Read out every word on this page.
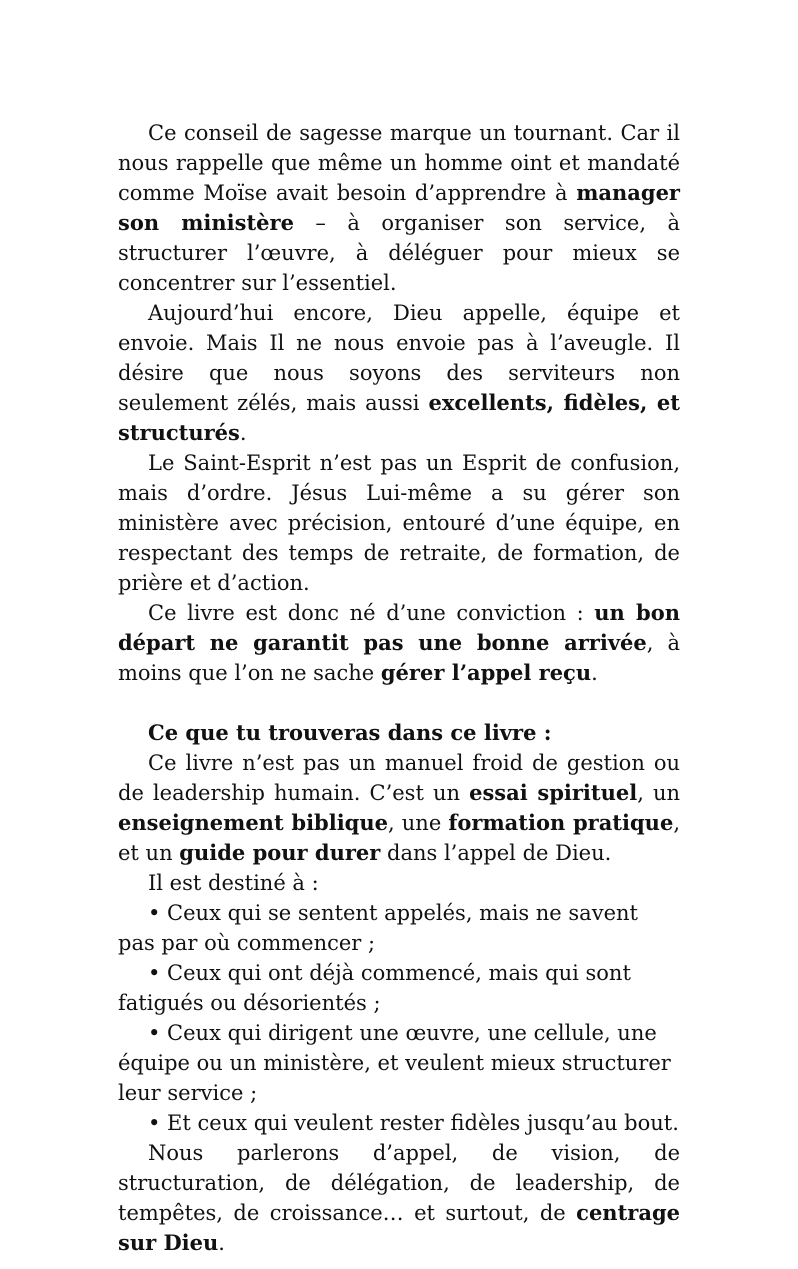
Ce conseil de sagesse marque un tournant. Car il nous rappelle que même un homme oint et mandaté comme Moïse avait besoin d’apprendre à manager son ministère – à organiser son service, à structurer l’œuvre, à déléguer pour mieux se concentrer sur l’essentiel.

Aujourd’hui encore, Dieu appelle, équipe et envoie. Mais Il ne nous envoie pas à l’aveugle. Il désire que nous soyons des serviteurs non seulement zélés, mais aussi excellents, fidèles, et structurés.

Le Saint-Esprit n’est pas un Esprit de confusion, mais d’ordre. Jésus Lui-même a su gérer son ministère avec précision, entouré d’une équipe, en respectant des temps de retraite, de formation, de prière et d’action.

Ce livre est donc né d’une conviction : un bon départ ne garantit pas une bonne arrivée, à moins que l’on ne sache gérer l’appel reçu.

Ce que tu trouveras dans ce livre :

Ce livre n’est pas un manuel froid de gestion ou de leadership humain. C’est un essai spirituel, un enseignement biblique, une formation pratique, et un guide pour durer dans l’appel de Dieu.

Il est destiné à :

• Ceux qui se sentent appelés, mais ne savent pas par où commencer ;

• Ceux qui ont déjà commencé, mais qui sont fatigués ou désorientés ;

• Ceux qui dirigent une œuvre, une cellule, une équipe ou un ministère, et veulent mieux structurer leur service ;

• Et ceux qui veulent rester fidèles jusqu’au bout.

Nous parlerons d’appel, de vision, de structuration, de délégation, de leadership, de tempêtes, de croissance… et surtout, de centrage sur Dieu.
